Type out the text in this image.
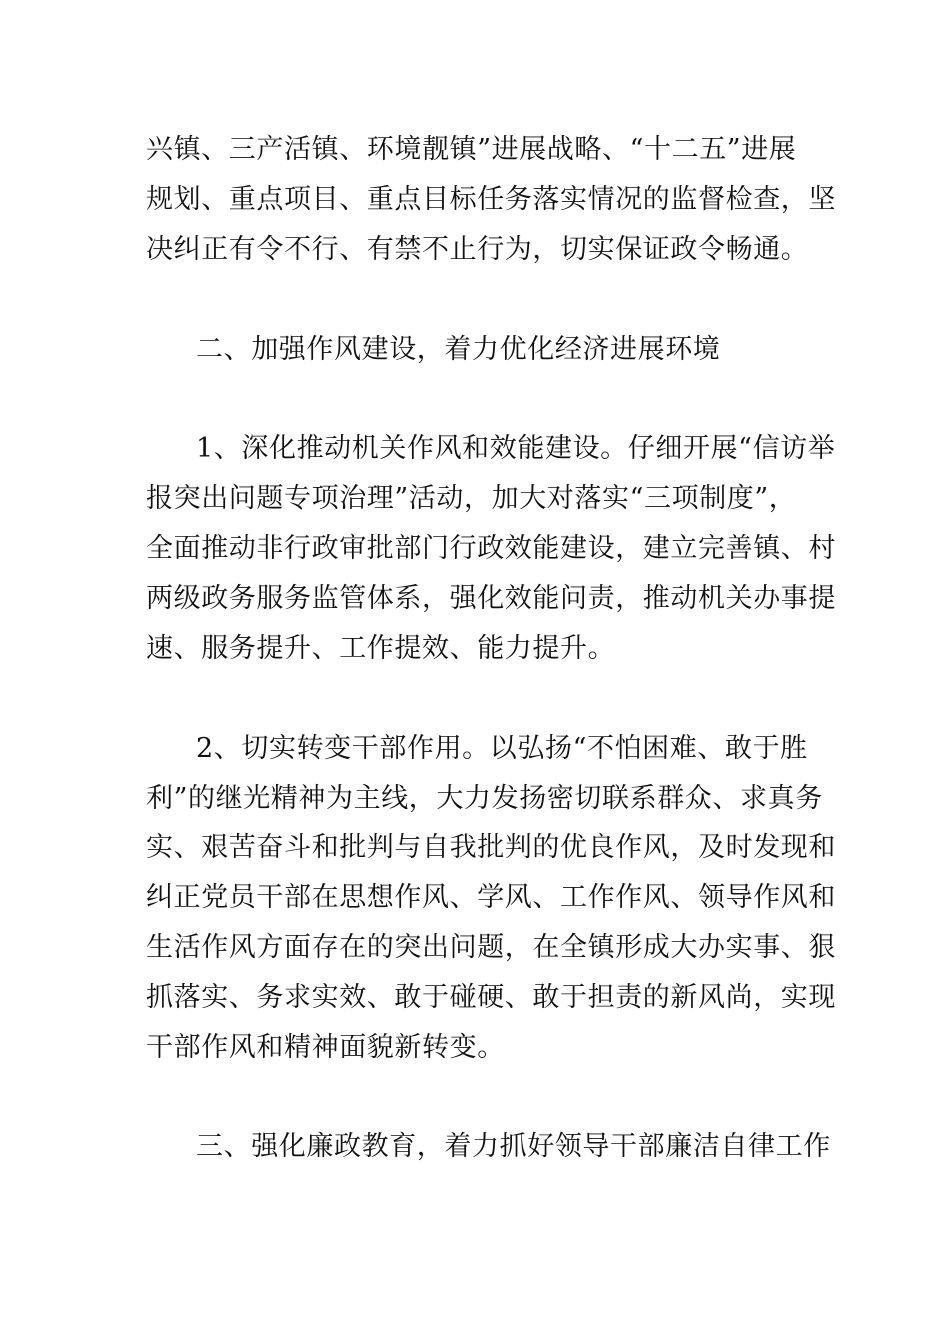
兴镇、三产活镇、环境靓镇”进展战略、“十二五”进展
规划、重点项目、重点目标任务落实情况的监督检查，坚
决纠正有令不行、有禁不止行为，切实保证政令畅通。
二、加强作风建设，着力优化经济进展环境
1、深化推动机关作风和效能建设。仔细开展“信访举
报突出问题专项治理”活动，加大对落实“三项制度”，
全面推动非行政审批部门行政效能建设，建立完善镇、村
两级政务服务监管体系，强化效能问责，推动机关办事提
速、服务提升、工作提效、能力提升。
2、切实转变干部作用。以弘扬“不怕困难、敢于胜
利”的继光精神为主线，大力发扬密切联系群众、求真务
实、艰苦奋斗和批判与自我批判的优良作风，及时发现和
纠正党员干部在思想作风、学风、工作作风、领导作风和
生活作风方面存在的突出问题，在全镇形成大办实事、狠
抓落实、务求实效、敢于碰硬、敢于担责的新风尚，实现
干部作风和精神面貌新转变。
三、强化廉政教育，着力抓好领导干部廉洁自律工作
